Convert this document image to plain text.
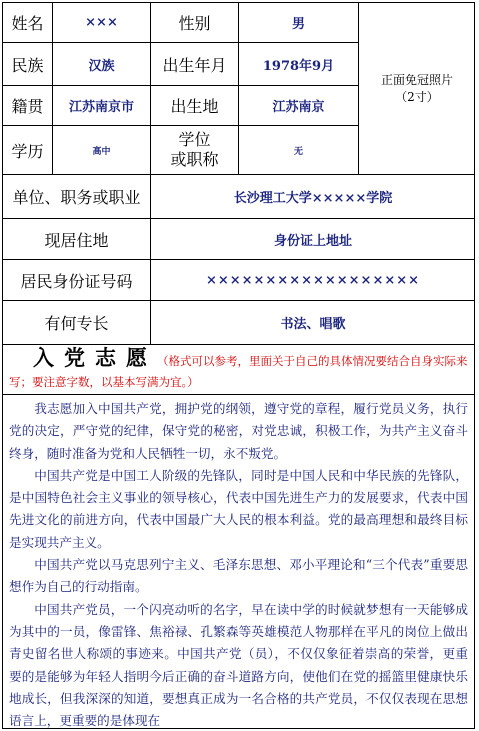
姓名	×××	性别	男	正面免冠照片
（2寸）

民族	汉族	出生年月	1978年9月	
籍贯	江苏南京市	出生地	江苏南京	
学历	高中	学位
或职称	无	
单位、职务或职业		长沙理工大学×××××学院		
现居住地		身份证上地址		
居民身份证号码		××××××××××××××××××		
有何专长		书法、唱歌		
入党志愿（格式可以参考，里面关于自己的具体情况要结合自身实际来写；要注意字数，以基本写满为宜。）

我志愿加入中国共产党，拥护党的纲领，遵守党的章程，履行党员义务，执行党的决定，严守党的纪律，保守党的秘密，对党忠诚，积极工作，为共产主义奋斗终身，随时准备为党和人民牺牲一切，永不叛党。

中国共产党是中国工人阶级的先锋队，同时是中国人民和中华民族的先锋队，是中国特色社会主义事业的领导核心，代表中国先进生产力的发展要求，代表中国先进文化的前进方向，代表中国最广大人民的根本利益。党的最高理想和最终目标是实现共产主义。

中国共产党以马克思列宁主义、毛泽东思想、邓小平理论和“三个代表”重要思想作为自己的行动指南。

中国共产党员，一个闪亮动听的名字，早在读中学的时候就梦想有一天能够成为其中的一员，像雷锋、焦裕禄、孔繁森等英雄模范人物那样在平凡的岗位上做出青史留名世人称颂的事迹来。中国共产党（员），不仅仅象征着崇高的荣誉，更重要的是能够为年轻人指明今后正确的奋斗道路方向，使他们在党的摇篮里健康快乐地成长，但我深深的知道，要想真正成为一名合格的共产党员，不仅仅表现在思想语言上，更重要的是体现在
